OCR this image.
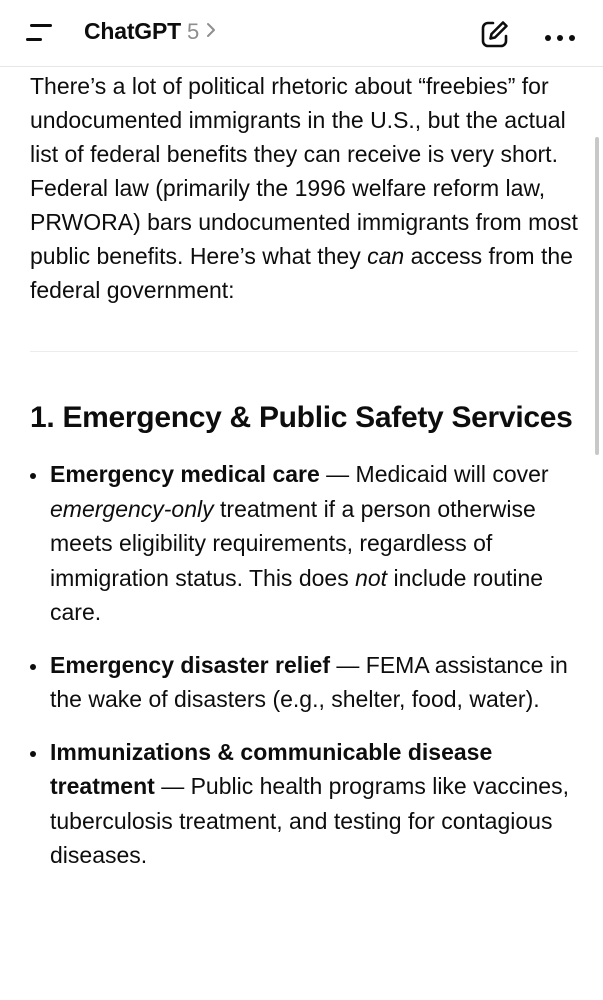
ChatGPT 5

There’s a lot of political rhetoric about “freebies” for undocumented immigrants in the U.S., but the actual list of federal benefits they can receive is very short. Federal law (primarily the 1996 welfare reform law, PRWORA) bars undocumented immigrants from most public benefits. Here’s what they can access from the federal government:

1. Emergency & Public Safety Services
Emergency medical care — Medicaid will cover emergency-only treatment if a person otherwise meets eligibility requirements, regardless of immigration status. This does not include routine care.
Emergency disaster relief — FEMA assistance in the wake of disasters (e.g., shelter, food, water).
Immunizations & communicable disease treatment — Public health programs like vaccines, tuberculosis treatment, and testing for contagious diseases.
